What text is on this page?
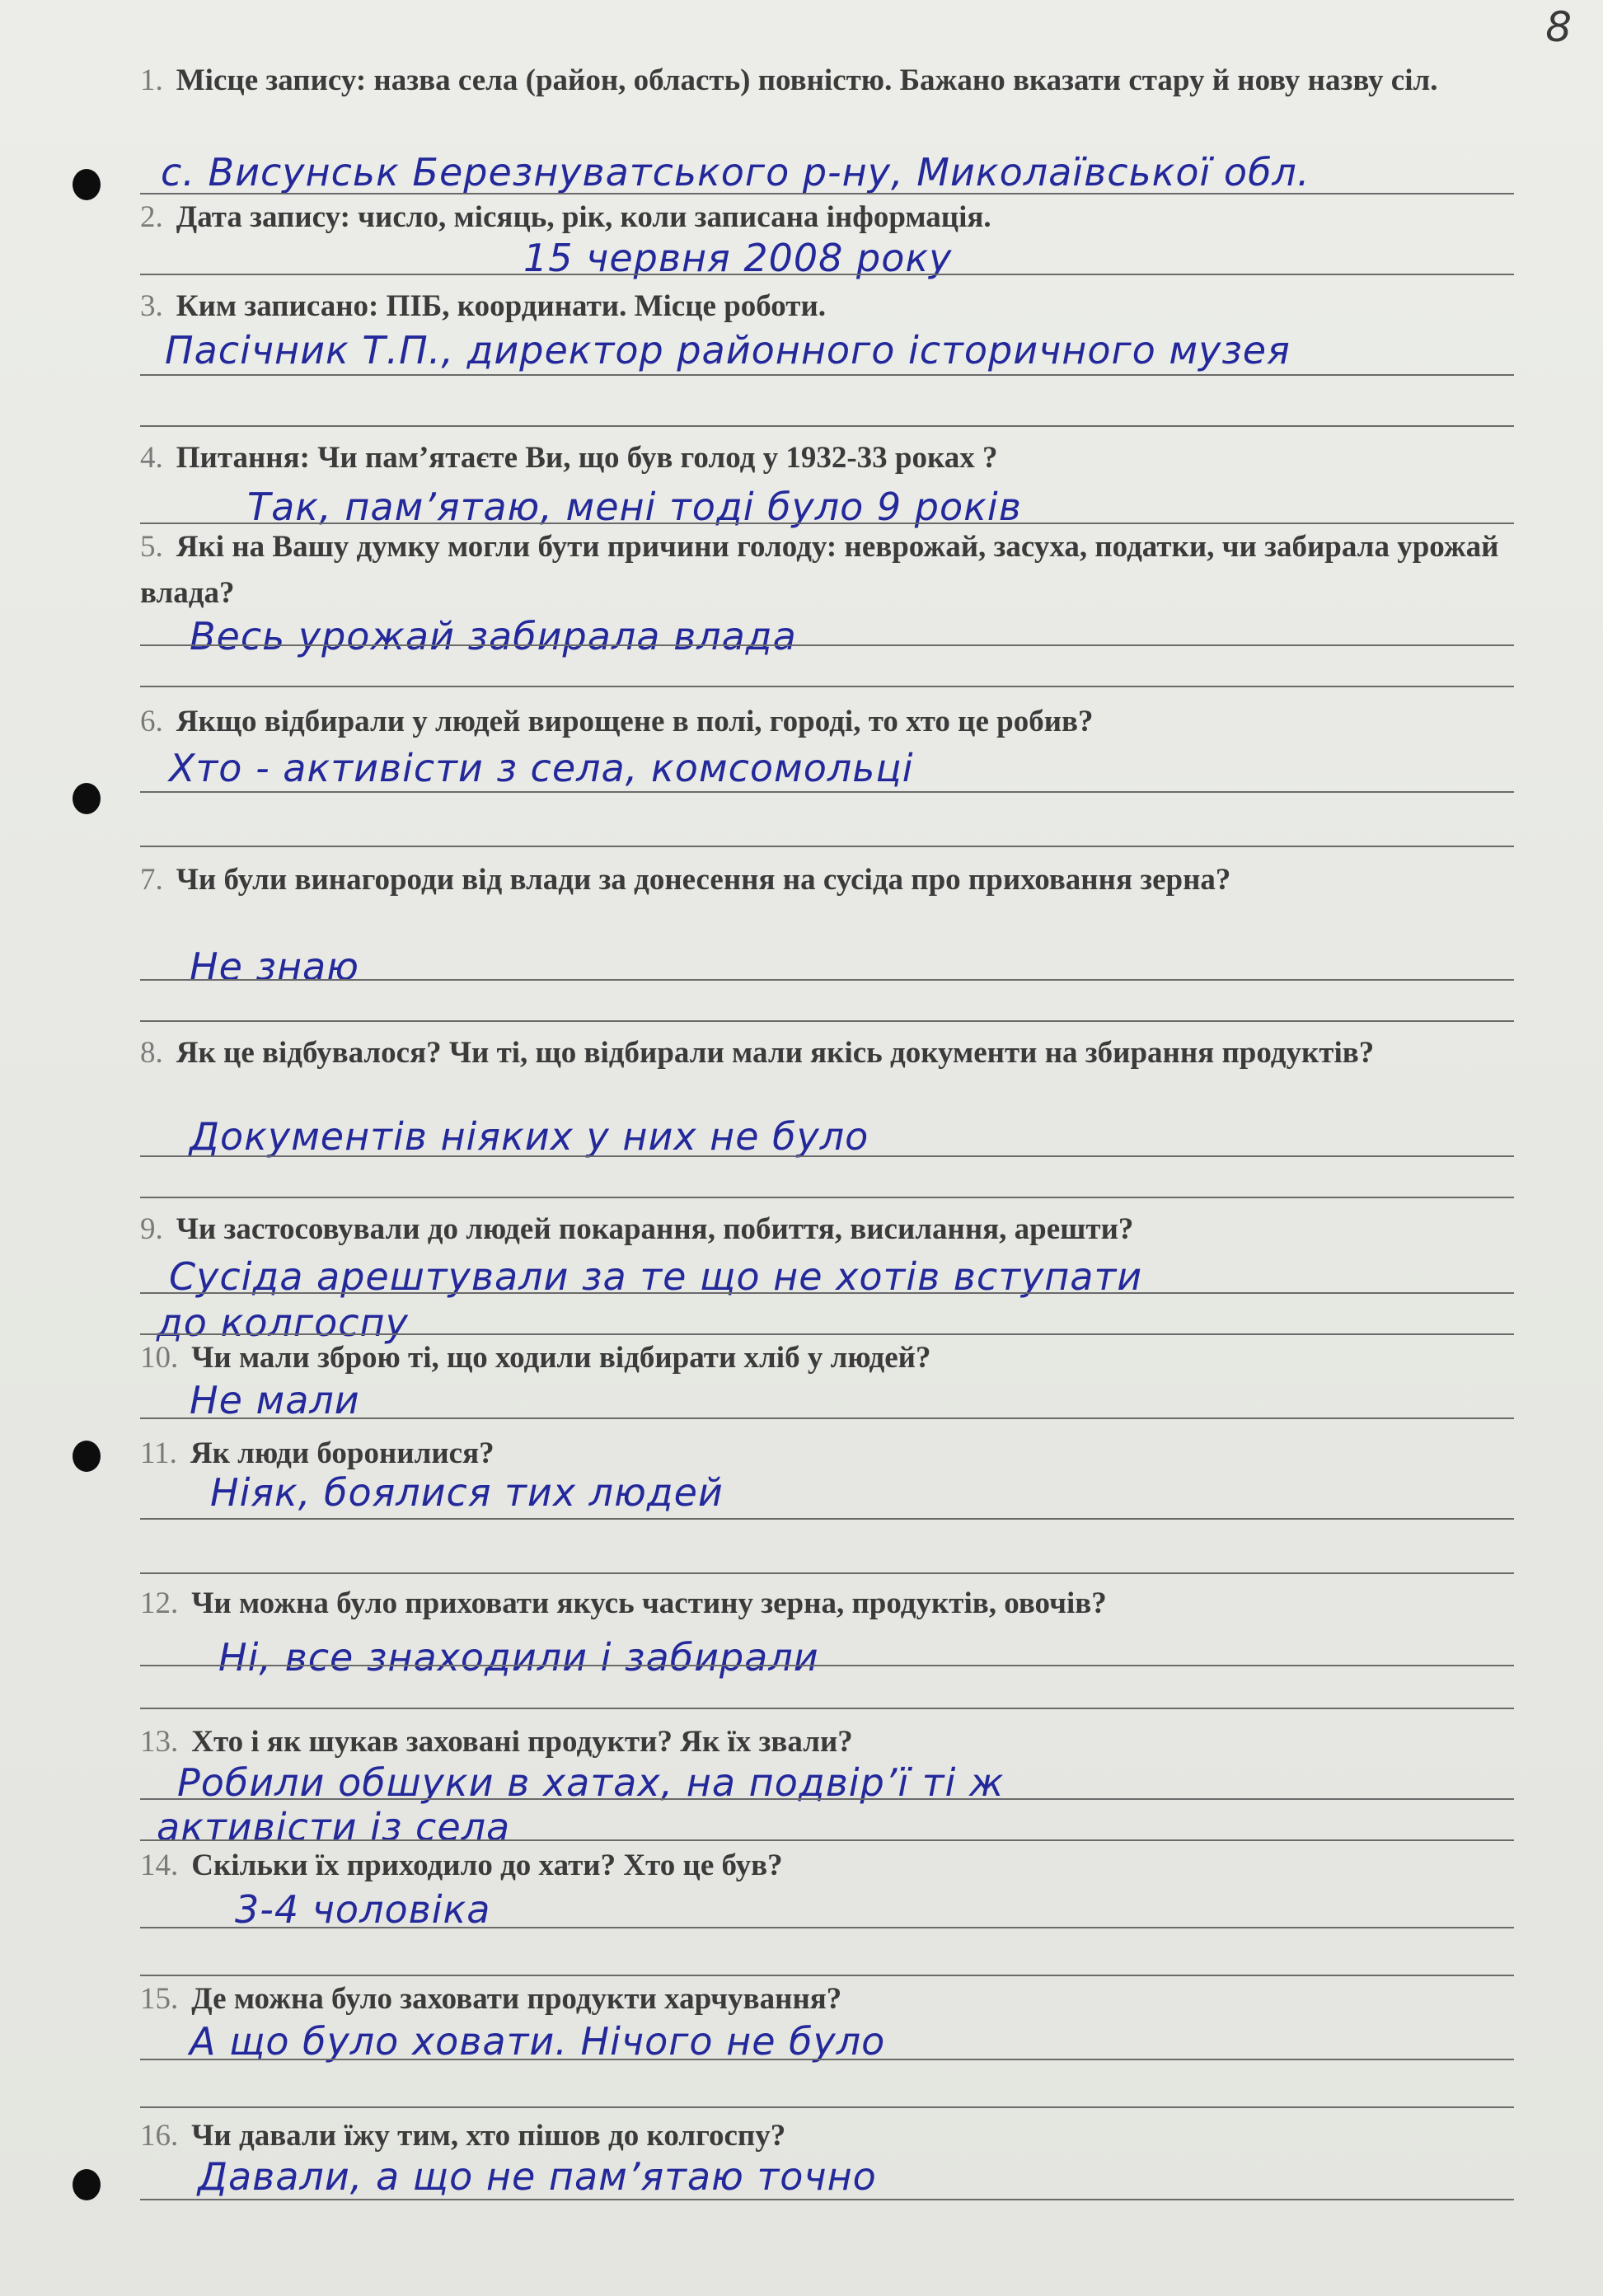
8
1. Місце запису: назва села (район, область) повністю. Бажано вказати стару й нову назву сіл.
с. Висунськ Березнуватського р-ну, Миколаївської обл.
2. Дата запису: число, місяць, рік, коли записана інформація.
15 червня 2008 року
3. Ким записано: ПІБ, координати. Місце роботи.
Пасічник Т.П., директор районного історичного музея
4. Питання: Чи пам’ятаєте Ви, що був голод у 1932-33 роках ?
Так, пам’ятаю, мені тоді було 9 років
5. Які на Вашу думку могли бути причини голоду: неврожай, засуха, податки, чи забирала урожай влада?
Весь урожай забирала влада
6. Якщо відбирали у людей вирощене в полі, городі, то хто це робив?
Хто - активісти з села, комсомольці
7. Чи були винагороди від влади за донесення на сусіда про приховання зерна?
Не знаю
8. Як це відбувалося? Чи ті, що відбирали мали якісь документи на збирання продуктів?
Документів ніяких у них не було
9. Чи застосовували до людей покарання, побиття, висилання, арешти?
Сусіда арештували за те що не хотів вступати
до колгоспу
10. Чи мали зброю ті, що ходили відбирати хліб у людей?
Не мали
11. Як люди боронилися?
Ніяк, боялися тих людей
12. Чи можна було приховати якусь частину зерна, продуктів, овочів?
Ні, все знаходили і забирали
13. Хто і як шукав заховані продукти? Як їх звали?
Робили обшуки в хатах, на подвір’ї ті ж
активісти із села
14. Скільки їх приходило до хати? Хто це був?
3-4 чоловіка
15. Де можна було заховати продукти харчування?
А що було ховати. Нічого не було
16. Чи давали їжу тим, хто пішов до колгоспу?
Давали, а що не пам’ятаю точно
